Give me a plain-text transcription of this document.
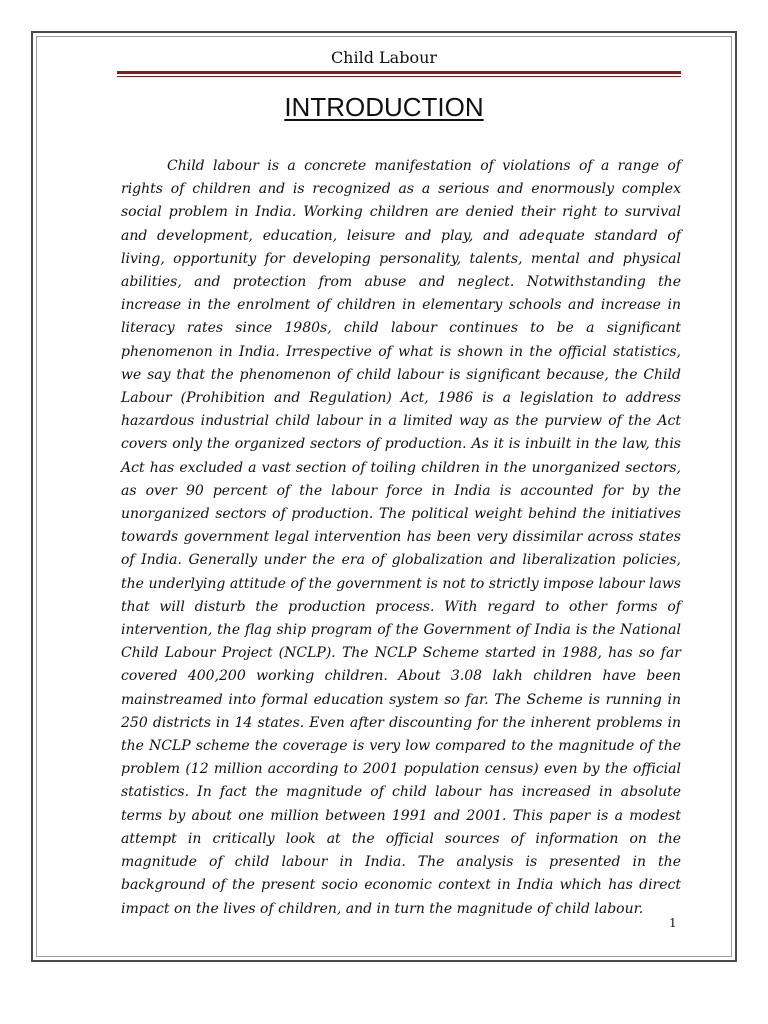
Child Labour
INTRODUCTION

Child labour is a concrete manifestation of violations of a range of rights of children and is recognized as a serious and enormously complex social problem in India. Working children are denied their right to survival and development, education, leisure and play, and adequate standard of living, opportunity for developing personality, talents, mental and physical abilities, and protection from abuse and neglect. Notwithstanding the increase in the enrolment of children in elementary schools and increase in literacy rates since 1980s, child labour continues to be a significant phenomenon in India. Irrespective of what is shown in the official statistics, we say that the phenomenon of child labour is significant because, the Child Labour (Prohibition and Regulation) Act, 1986 is a legislation to address hazardous industrial child labour in a limited way as the purview of the Act covers only the organized sectors of production. As it is inbuilt in the law, this Act has excluded a vast section of toiling children in the unorganized sectors, as over 90 percent of the labour force in India is accounted for by the unorganized sectors of production. The political weight behind the initiatives towards government legal intervention has been very dissimilar across states of India. Generally under the era of globalization and liberalization policies, the underlying attitude of the government is not to strictly impose labour laws that will disturb the production process. With regard to other forms of intervention, the flag ship program of the Government of India is the National Child Labour Project (NCLP). The NCLP Scheme started in 1988, has so far covered 400,200 working children. About 3.08 lakh children have been mainstreamed into formal education system so far. The Scheme is running in 250 districts in 14 states. Even after discounting for the inherent problems in the NCLP scheme the coverage is very low compared to the magnitude of the problem (12 million according to 2001 population census) even by the official statistics. In fact the magnitude of child labour has increased in absolute terms by about one million between 1991 and 2001. This paper is a modest attempt in critically look at the official sources of information on the magnitude of child labour in India. The analysis is presented in the background of the present socio economic context in India which has direct impact on the lives of children, and in turn the magnitude of child labour.

1
